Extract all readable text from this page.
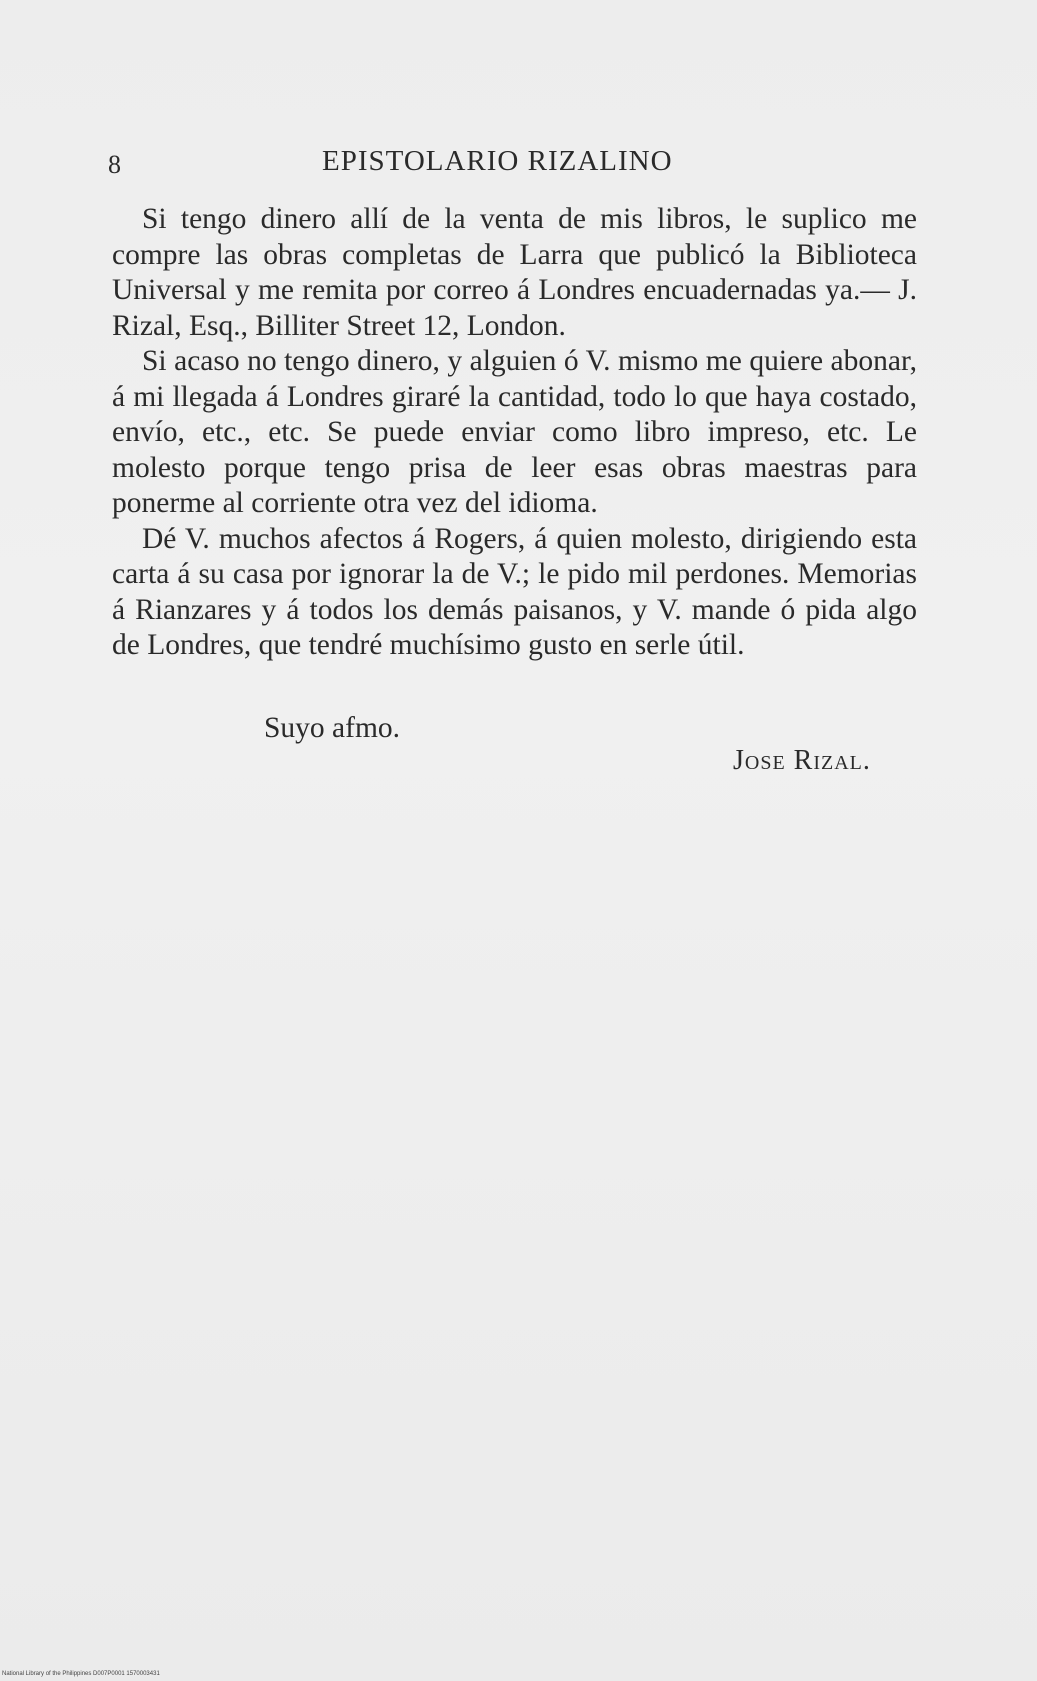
8	EPISTOLARIO RIZALINO

Si tengo dinero allí de la venta de mis libros, le suplico me compre las obras completas de Larra que publicó la Biblioteca Universal y me remita por correo á Londres encuadernadas ya.— J. Rizal, Esq., Billiter Street 12, London.

Si acaso no tengo dinero, y alguien ó V. mismo me quiere abonar, á mi llegada á Londres giraré la cantidad, todo lo que haya costado, envío, etc., etc. Se puede enviar como libro impreso, etc. Le molesto porque tengo prisa de leer esas obras maestras para ponerme al corriente otra vez del idioma.

Dé V. muchos afectos á Rogers, á quien molesto, dirigiendo esta carta á su casa por ignorar la de V.; le pido mil perdones. Memorias á Rianzares y á todos los demás paisanos, y V. mande ó pida algo de Londres, que tendré muchísimo gusto en serle útil.

Suyo afmo.
Jose Rizal.
National Library of the Philippines D007P0001 1570003431
